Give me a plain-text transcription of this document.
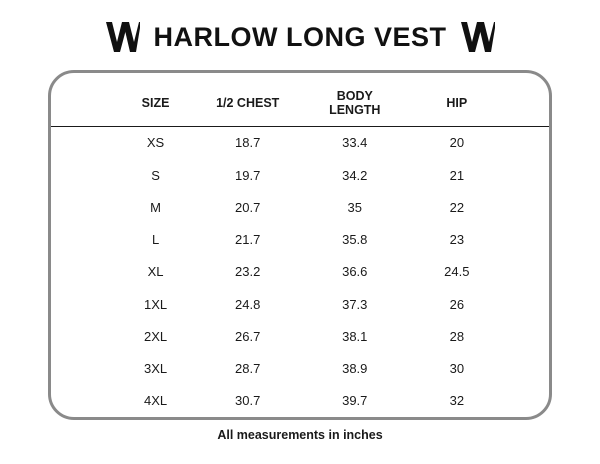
HARLOW LONG VEST
	SIZE	1/2 CHEST	BODY
LENGTH	HIP	
	XS	18.7	33.4	20	
	S	19.7	34.2	21	
	M	20.7	35	22	
	L	21.7	35.8	23	
	XL	23.2	36.6	24.5	
	1XL	24.8	37.3	26	
	2XL	26.7	38.1	28	
	3XL	28.7	38.9	30	
	4XL	30.7	39.7	32	
All measurements in inches
